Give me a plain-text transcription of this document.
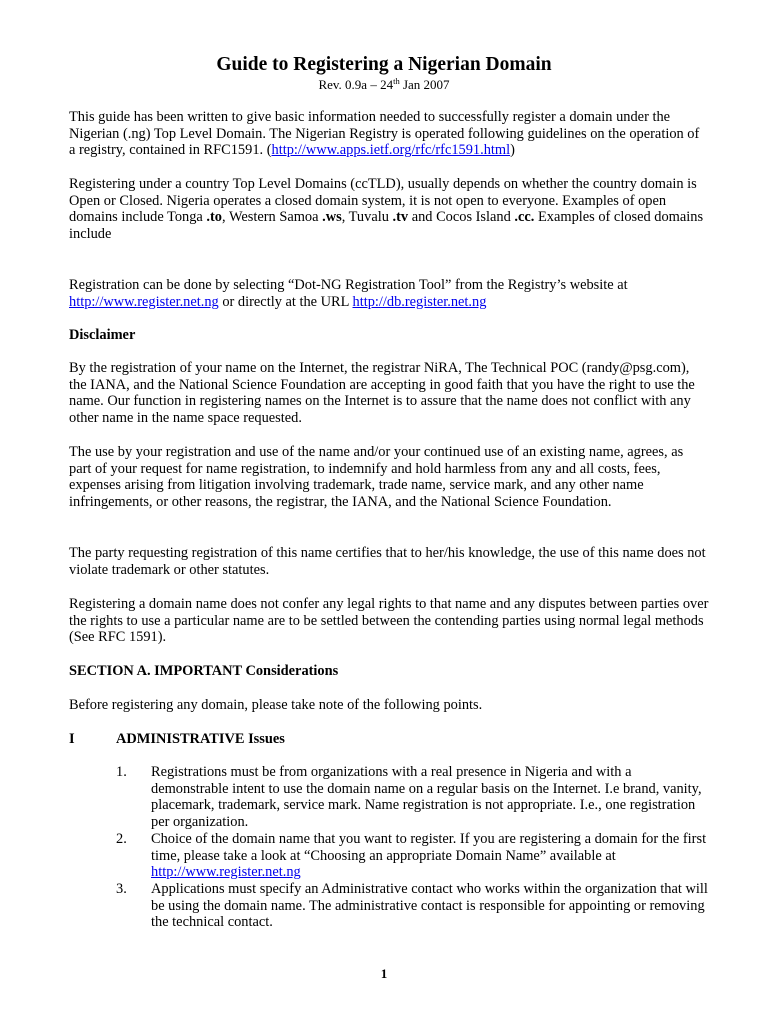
Guide to Registering a Nigerian Domain
Rev. 0.9a – 24th Jan 2007

This guide has been written to give basic information needed to successfully register a domain under the Nigerian (.ng) Top Level Domain. The Nigerian Registry is operated following guidelines on the operation of a registry, contained in RFC1591. (http://www.apps.ietf.org/rfc/rfc1591.html)

Registering under a country Top Level Domains (ccTLD), usually depends on whether the country domain is Open or Closed. Nigeria operates a closed domain system, it is not open to everyone. Examples of open domains include Tonga .to, Western Samoa .ws, Tuvalu .tv and Cocos Island .cc. Examples of closed domains include

Registration can be done by selecting “Dot-NG Registration Tool” from the Registry’s website at http://www.register.net.ng or directly at the URL http://db.register.net.ng

Disclaimer

By the registration of your name on the Internet, the registrar NiRA, The Technical POC (randy@psg.com), the IANA, and the National Science Foundation are accepting in good faith that you have the right to use the name. Our function in registering names on the Internet is to assure that the name does not conflict with any other name in the name space requested.

The use by your registration and use of the name and/or your continued use of an existing name, agrees, as part of your request for name registration, to indemnify and hold harmless from any and all costs, fees, expenses arising from litigation involving trademark, trade name, service mark, and any other name infringements, or other reasons, the registrar, the IANA, and the National Science Foundation.

The party requesting registration of this name certifies that to her/his knowledge, the use of this name does not violate trademark or other statutes.

Registering a domain name does not confer any legal rights to that name and any disputes between parties over the rights to use a particular name are to be settled between the contending parties using normal legal methods (See RFC 1591).

SECTION A. IMPORTANT Considerations

Before registering any domain, please take note of the following points.

I	ADMINISTRATIVE Issues
1. Registrations must be from organizations with a real presence in Nigeria and with a demonstrable intent to use the domain name on a regular basis on the Internet. I.e brand, vanity, placemark, trademark, service mark. Name registration is not appropriate. I.e., one registration per organization.

2. Choice of the domain name that you want to register. If you are registering a domain for the first time, please take a look at “Choosing an appropriate Domain Name” available at http://www.register.net.ng

3. Applications must specify an Administrative contact who works within the organization that will be using the domain name. The administrative contact is responsible for appointing or removing the technical contact.

1
